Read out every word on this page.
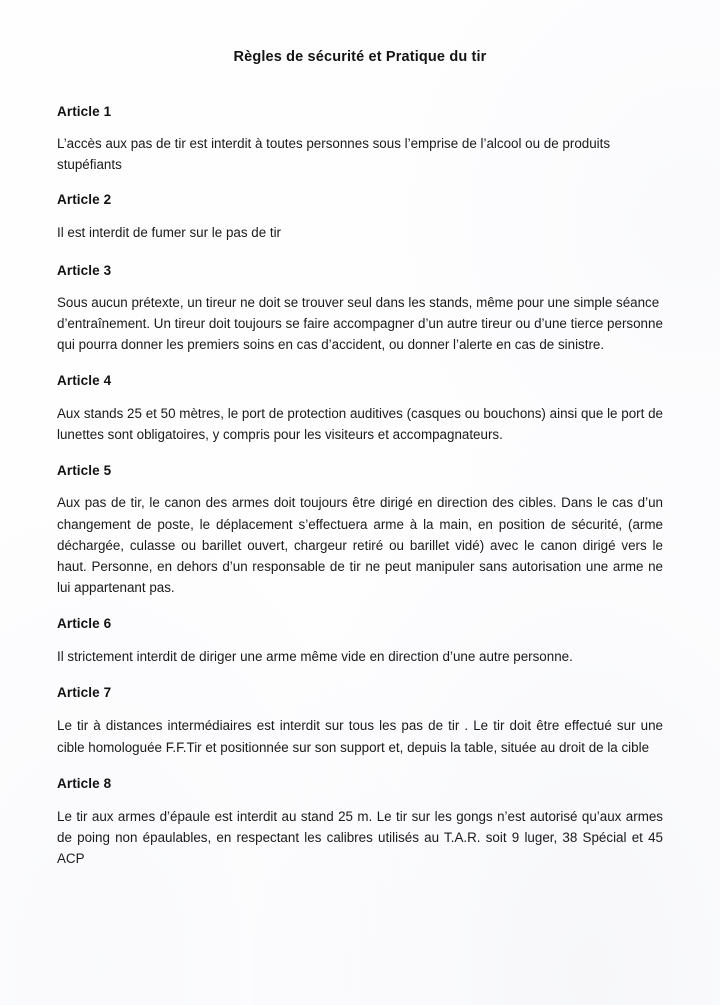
Règles de sécurité et Pratique du tir
Article 1

L’accès aux pas de tir est interdit à toutes personnes sous l’emprise de l’alcool ou de produits stupéfiants

Article 2

Il est interdit de fumer sur le pas de tir

Article 3

Sous aucun prétexte, un tireur ne doit se trouver seul dans les stands, même pour une simple séance d’entraînement. Un tireur doit toujours se faire accompagner d’un autre tireur ou d’une tierce personne qui pourra donner les premiers soins en cas d’accident, ou donner l’alerte en cas de sinistre.

Article 4

Aux stands 25 et 50 mètres, le port de protection auditives (casques ou bouchons) ainsi que le port de lunettes sont obligatoires, y compris pour les visiteurs et accompagnateurs.

Article 5

Aux pas de tir, le canon des armes doit toujours être dirigé en direction des cibles. Dans le cas d’un changement de poste, le déplacement s’effectuera arme à la main, en position de sécurité, (arme déchargée, culasse ou barillet ouvert, chargeur retiré ou barillet vidé) avec le canon dirigé vers le haut. Personne, en dehors d’un responsable de tir ne peut manipuler sans autorisation une arme ne lui appartenant pas.

Article 6

Il strictement interdit de diriger une arme même vide en direction d’une autre personne.

Article 7

Le tir à distances intermédiaires est interdit sur tous les pas de tir . Le tir doit être effectué sur une cible homologuée F.F.Tir et positionnée sur son support et, depuis la table, située au droit de la cible

Article 8

Le tir aux armes d’épaule est interdit au stand 25 m. Le tir sur les gongs n’est autorisé qu’aux armes de poing non épaulables, en respectant les calibres utilisés au T.A.R. soit 9 luger, 38 Spécial et 45 ACP
